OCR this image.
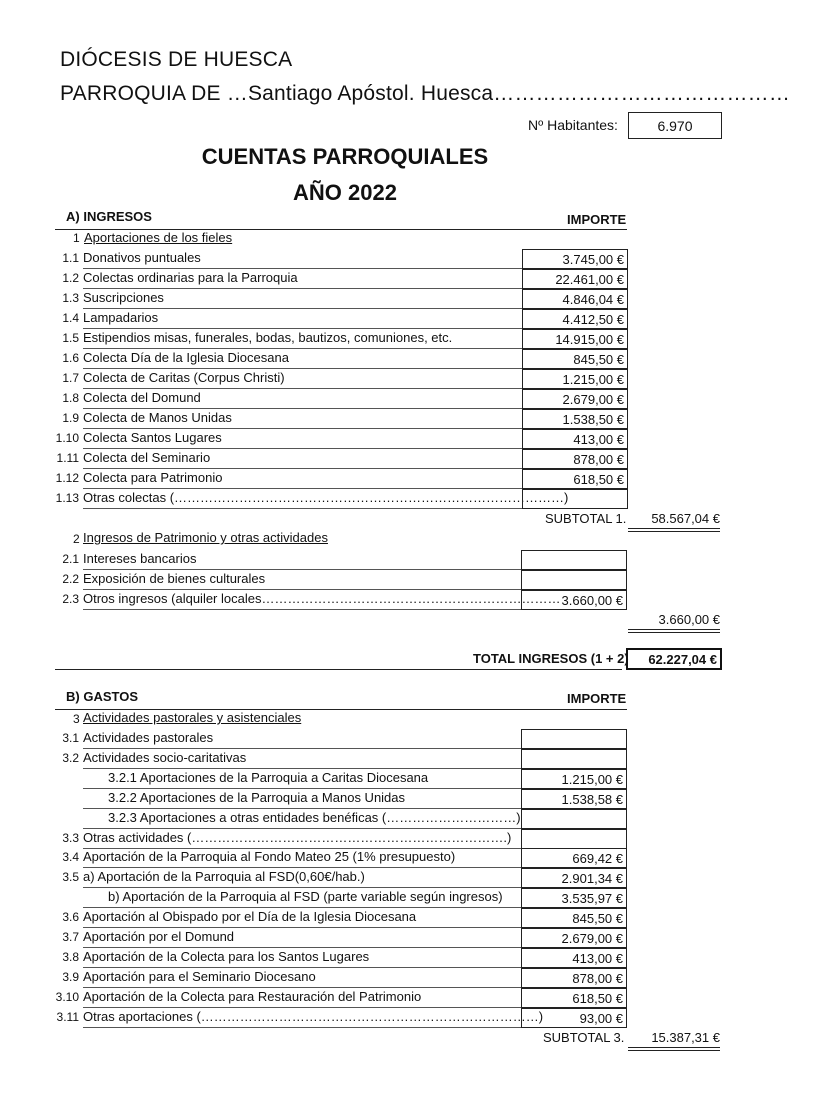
DIÓCESIS DE HUESCA
PARROQUIA DE …Santiago Apóstol. Huesca……………………………………
Nº Habitantes:	6.970
CUENTAS PARROQUIALES
AÑO 2022
A) INGRESOS	IMPORTE
1 Aportaciones de los fieles
1.1 Donativos puntuales	3.745,00 €
1.2 Colectas ordinarias para la Parroquia	22.461,00 €
1.3 Suscripciones	4.846,04 €
1.4 Lampadarios	4.412,50 €
1.5 Estipendios misas, funerales, bodas, bautizos, comuniones, etc.	14.915,00 €
1.6 Colecta Día de la Iglesia Diocesana	845,50 €
1.7 Colecta de Caritas (Corpus Christi)	1.215,00 €
1.8 Colecta del Domund	2.679,00 €
1.9 Colecta de Manos Unidas	1.538,50 €
1.10 Colecta Santos Lugares	413,00 €
1.11 Colecta del Seminario	878,00 €
1.12 Colecta para Patrimonio	618,50 €
1.13 Otras colectas (………………………………………………………………………………)
SUBTOTAL 1.	58.567,04 €
2 Ingresos de Patrimonio y otras actividades
2.1 Intereses bancarios
2.2 Exposición de bienes culturales
2.3 Otros ingresos (alquiler locales…………………………………………………………… 3.660,00 €
3.660,00 €
TOTAL INGRESOS (1 + 2)	62.227,04 €
B) GASTOS	IMPORTE
3 Actividades pastorales y asistenciales
3.1 Actividades pastorales
3.2 Actividades socio-caritativas
3.2.1 Aportaciones de la Parroquia a Caritas Diocesana	1.215,00 €
3.2.2 Aportaciones de la Parroquia a Manos Unidas	1.538,58 €
3.2.3 Aportaciones a otras entidades benéficas (…………………………)
3.3 Otras actividades (……………………………………………………………….)
3.4 Aportación de la Parroquia al Fondo Mateo 25 (1% presupuesto)	669,42 €
3.5 a) Aportación de la Parroquia al FSD(0,60€/hab.)	2.901,34 €
b) Aportación de la Parroquia al FSD (parte variable según ingresos)	3.535,97 €
3.6 Aportación al Obispado por el Día de la Iglesia Diocesana	845,50 €
3.7 Aportación por el Domund	2.679,00 €
3.8 Aportación de la Colecta para los Santos Lugares	413,00 €
3.9 Aportación para el Seminario Diocesano	878,00 €
3.10 Aportación de la Colecta para Restauración del Patrimonio	618,50 €
3.11 Otras aportaciones (……………………………………………………………………)	93,00 €
SUBTOTAL 3.	15.387,31 €
